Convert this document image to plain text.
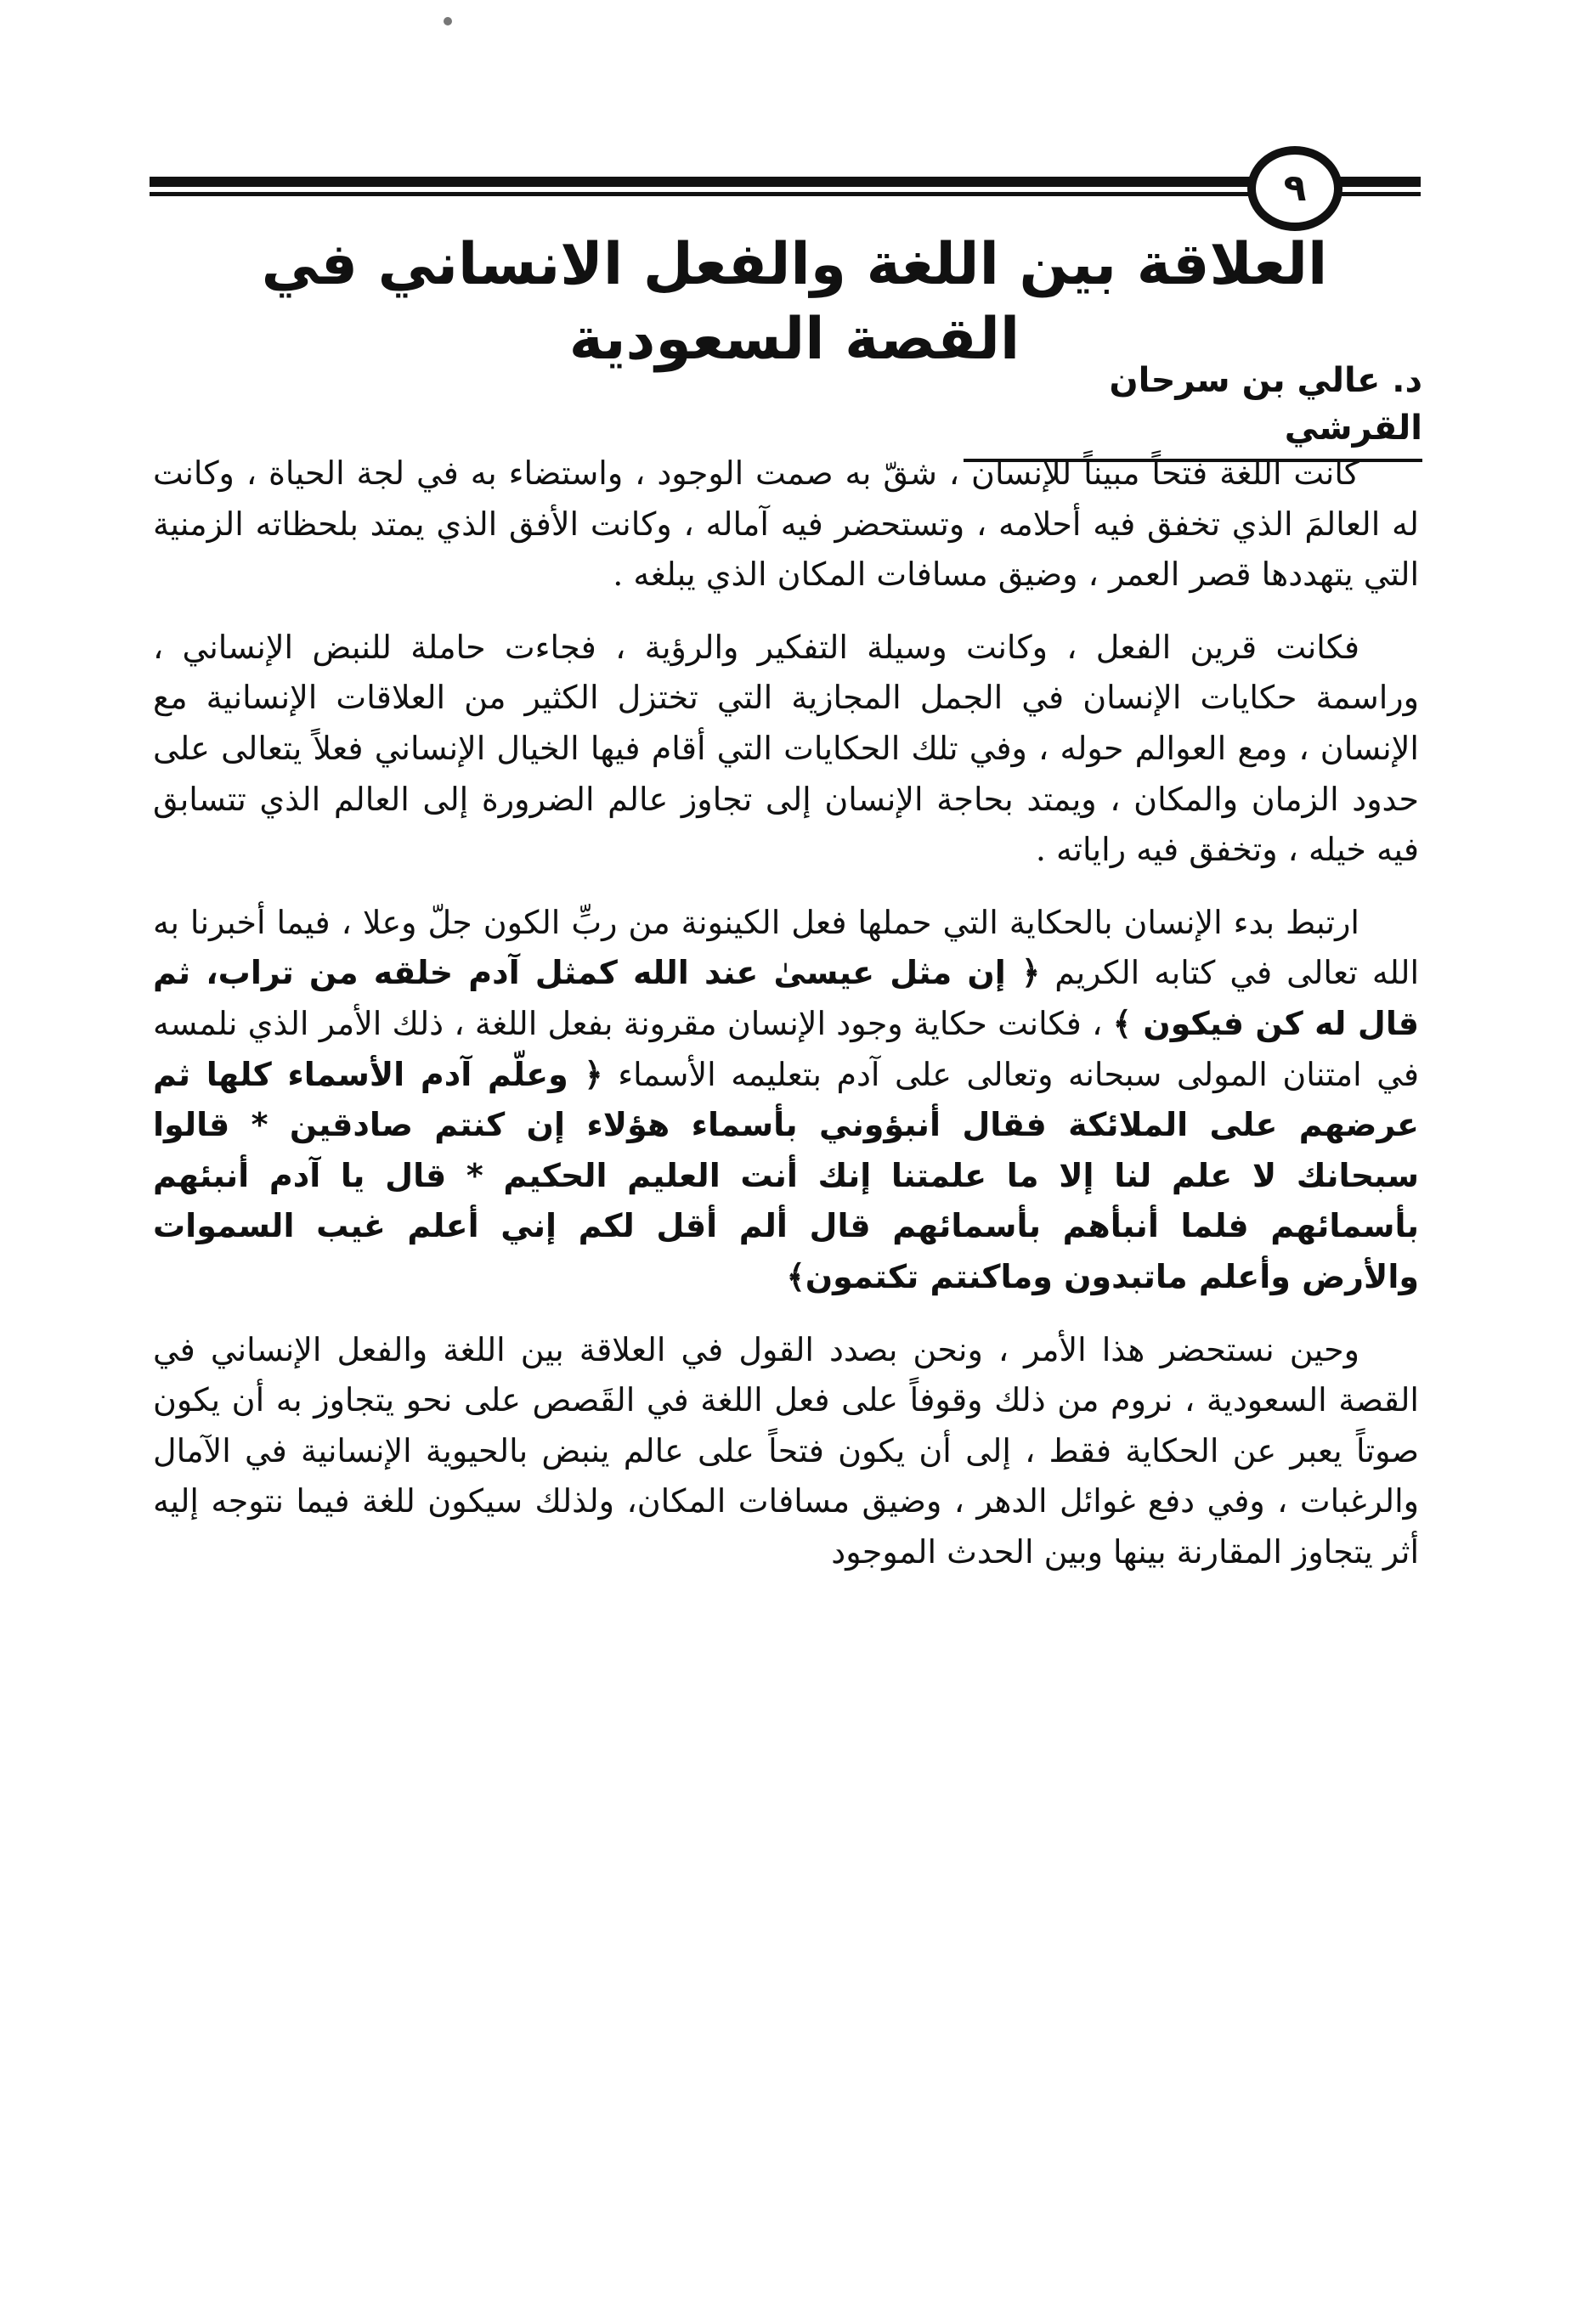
٩
العلاقة بين اللغة والفعل الانساني في القصة السعودية
د. عالي بن سرحان القرشي

كانت اللغة فتحاً مبيناً للإنسان ، شقّ به صمت الوجود ، واستضاء به في لجة الحياة ، وكانت له العالمَ الذي تخفق فيه أحلامه ، وتستحضر فيه آماله ، وكانت الأفق الذي يمتد بلحظاته الزمنية التي يتهددها قصر العمر ، وضيق مسافات المكان الذي يبلغه .

فكانت قرين الفعل ، وكانت وسيلة التفكير والرؤية ، فجاءت حاملة للنبض الإنساني ، وراسمة حكايات الإنسان في الجمل المجازية التي تختزل الكثير من العلاقات الإنسانية مع الإنسان ، ومع العوالم حوله ، وفي تلك الحكايات التي أقام فيها الخيال الإنساني فعلاً يتعالى على حدود الزمان والمكان ، ويمتد بحاجة الإنسان إلى تجاوز عالم الضرورة إلى العالم الذي تتسابق فيه خيله ، وتخفق فيه راياته .

ارتبط بدء الإنسان بالحكاية التي حملها فعل الكينونة من ربِّ الكون جلّ وعلا ، فيما أخبرنا به الله تعالى في كتابه الكريم ﴿ إن مثل عيسىٰ عند الله كمثل آدم خلقه من تراب، ثم قال له كن فيكون ﴾ ، فكانت حكاية وجود الإنسان مقرونة بفعل اللغة ، ذلك الأمر الذي نلمسه في امتنان المولى سبحانه وتعالى على آدم بتعليمه الأسماء ﴿ وعلّم آدم الأسماء كلها ثم عرضهم على الملائكة فقال أنبؤوني بأسماء هؤلاء إن كنتم صادقين * قالوا سبحانك لا علم لنا إلا ما علمتنا إنك أنت العليم الحكيم * قال يا آدم أنبئهم بأسمائهم فلما أنبأهم بأسمائهم قال ألم أقل لكم إني أعلم غيب السموات والأرض وأعلم ماتبدون وماكنتم تكتمون﴾

وحين نستحضر هذا الأمر ، ونحن بصدد القول في العلاقة بين اللغة والفعل الإنساني في القصة السعودية ، نروم من ذلك وقوفاً على فعل اللغة في القَصص على نحو يتجاوز به أن يكون صوتاً يعبر عن الحكاية فقط ، إلى أن يكون فتحاً على عالم ينبض بالحيوية الإنسانية في الآمال والرغبات ، وفي دفع غوائل الدهر ، وضيق مسافات المكان، ولذلك سيكون للغة فيما نتوجه إليه أثر يتجاوز المقارنة بينها وبين الحدث الموجود
